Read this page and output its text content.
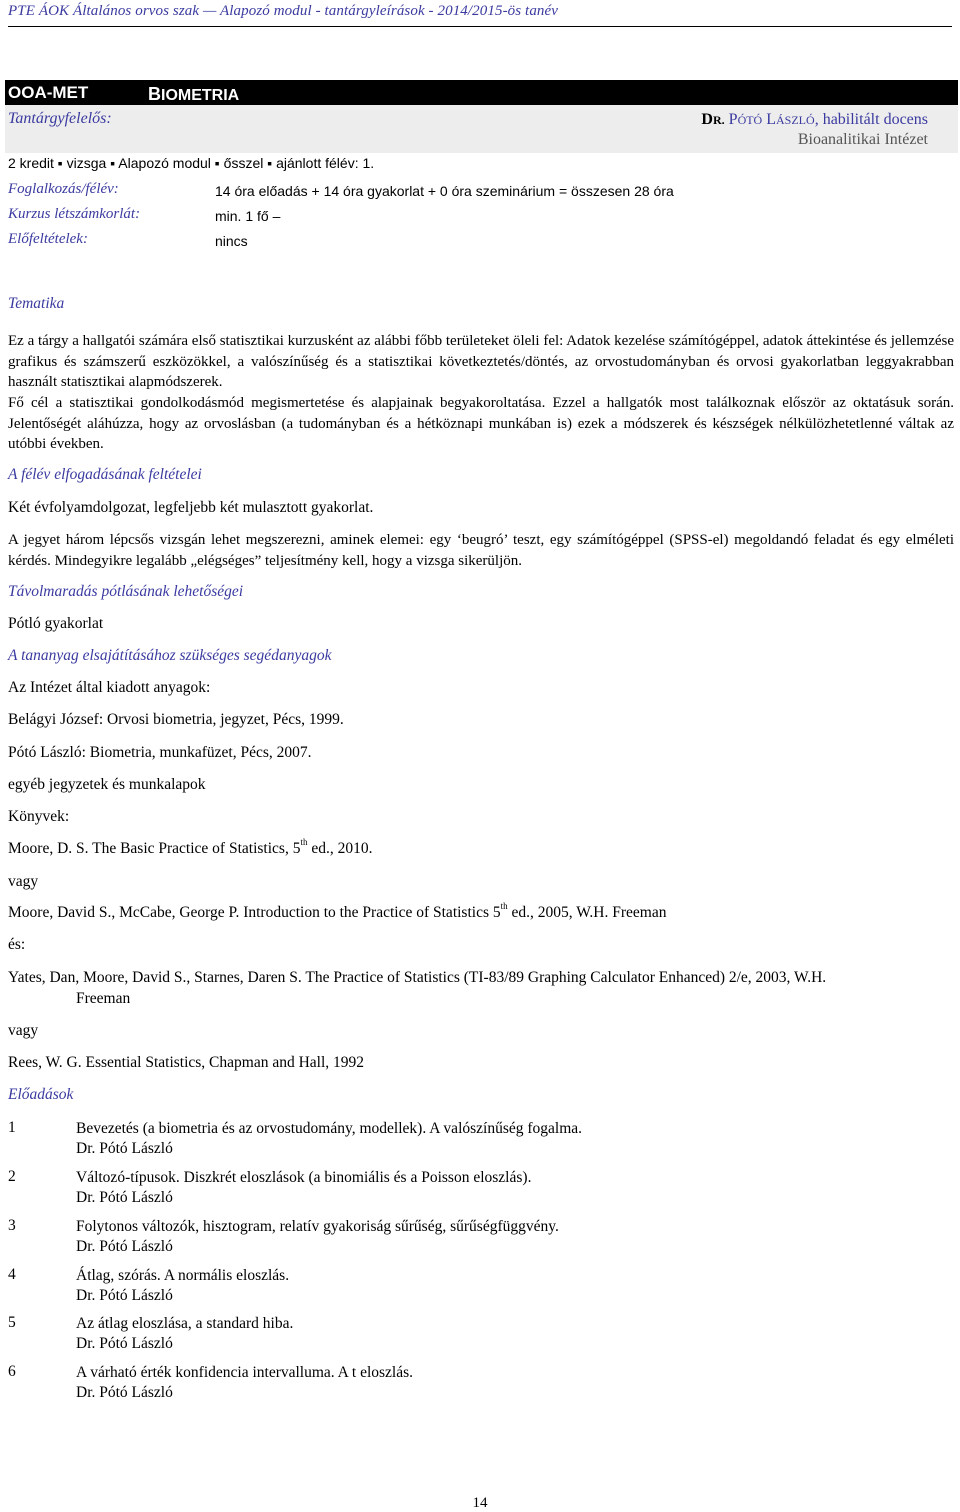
PTE ÁOK Általános orvos szak — Alapozó modul - tantárgyleírások - 2014/2015-ös tanév
OOA-MET	BIOMETRIA
Tantárgyfelelős:	DR. PÓTÓ LÁSZLÓ, habilitált docens
Bioanalitikai Intézet
2 kredit ▪ vizsga ▪ Alapozó modul ▪ ősszel ▪ ajánlott félév: 1.
Foglalkozás/félév:	14 óra előadás + 14 óra gyakorlat + 0 óra szeminárium = összesen 28 óra
Kurzus létszámkorlát:	min. 1 fő –
Előfeltételek:	nincs
Tematika
Ez a tárgy a hallgatói számára első statisztikai kurzusként az alábbi főbb területeket öleli fel: Adatok kezelése számítógéppel, adatok áttekintése és jellemzése grafikus és számszerű eszközökkel, a valószínűség és a statisztikai következtetés/döntés, az orvostudományban és orvosi gyakorlatban leggyakrabban használt statisztikai alapmódszerek.
Fő cél a statisztikai gondolkodásmód megismertetése és alapjainak begyakoroltatása. Ezzel a hallgatók most találkoznak először az oktatásuk során. Jelentőségét aláhúzza, hogy az orvoslásban (a tudományban és a hétköznapi munkában is) ezek a módszerek és készségek nélkülözhetetlenné váltak az utóbbi években.
A félév elfogadásának feltételei
Két évfolyamdolgozat, legfeljebb két mulasztott gyakorlat.
A jegyet három lépcsős vizsgán lehet megszerezni, aminek elemei: egy ‘beugró’ teszt, egy számítógéppel (SPSS-el) megoldandó feladat és egy elméleti kérdés. Mindegyikre legalább „elégséges” teljesítmény kell, hogy a vizsga sikerüljön.
Távolmaradás pótlásának lehetőségei
Pótló gyakorlat
A tananyag elsajátításához szükséges segédanyagok
Az Intézet által kiadott anyagok:
Belágyi József: Orvosi biometria, jegyzet, Pécs, 1999.
Pótó László: Biometria, munkafüzet, Pécs, 2007.
egyéb jegyzetek és munkalapok
Könyvek:
Moore, D. S. The Basic Practice of Statistics, 5th ed., 2010.
vagy
Moore, David S., McCabe, George P. Introduction to the Practice of Statistics 5th ed., 2005, W.H. Freeman
és:
Yates, Dan, Moore, David S., Starnes, Daren S. The Practice of Statistics (TI-83/89 Graphing Calculator Enhanced) 2/e, 2003, W.H.
Freeman
vagy
Rees, W. G. Essential Statistics, Chapman and Hall, 1992
Előadások
1	Bevezetés (a biometria és az orvostudomány, modellek). A valószínűség fogalma.
Dr. Pótó László
2	Változó-típusok. Diszkrét eloszlások (a binomiális és a Poisson eloszlás).
Dr. Pótó László
3	Folytonos változók, hisztogram, relatív gyakoriság sűrűség, sűrűségfüggvény.
Dr. Pótó László
4	Átlag, szórás. A normális eloszlás.
Dr. Pótó László
5	Az átlag eloszlása, a standard hiba.
Dr. Pótó László
6	A várható érték konfidencia intervalluma. A t eloszlás.
Dr. Pótó László
14
